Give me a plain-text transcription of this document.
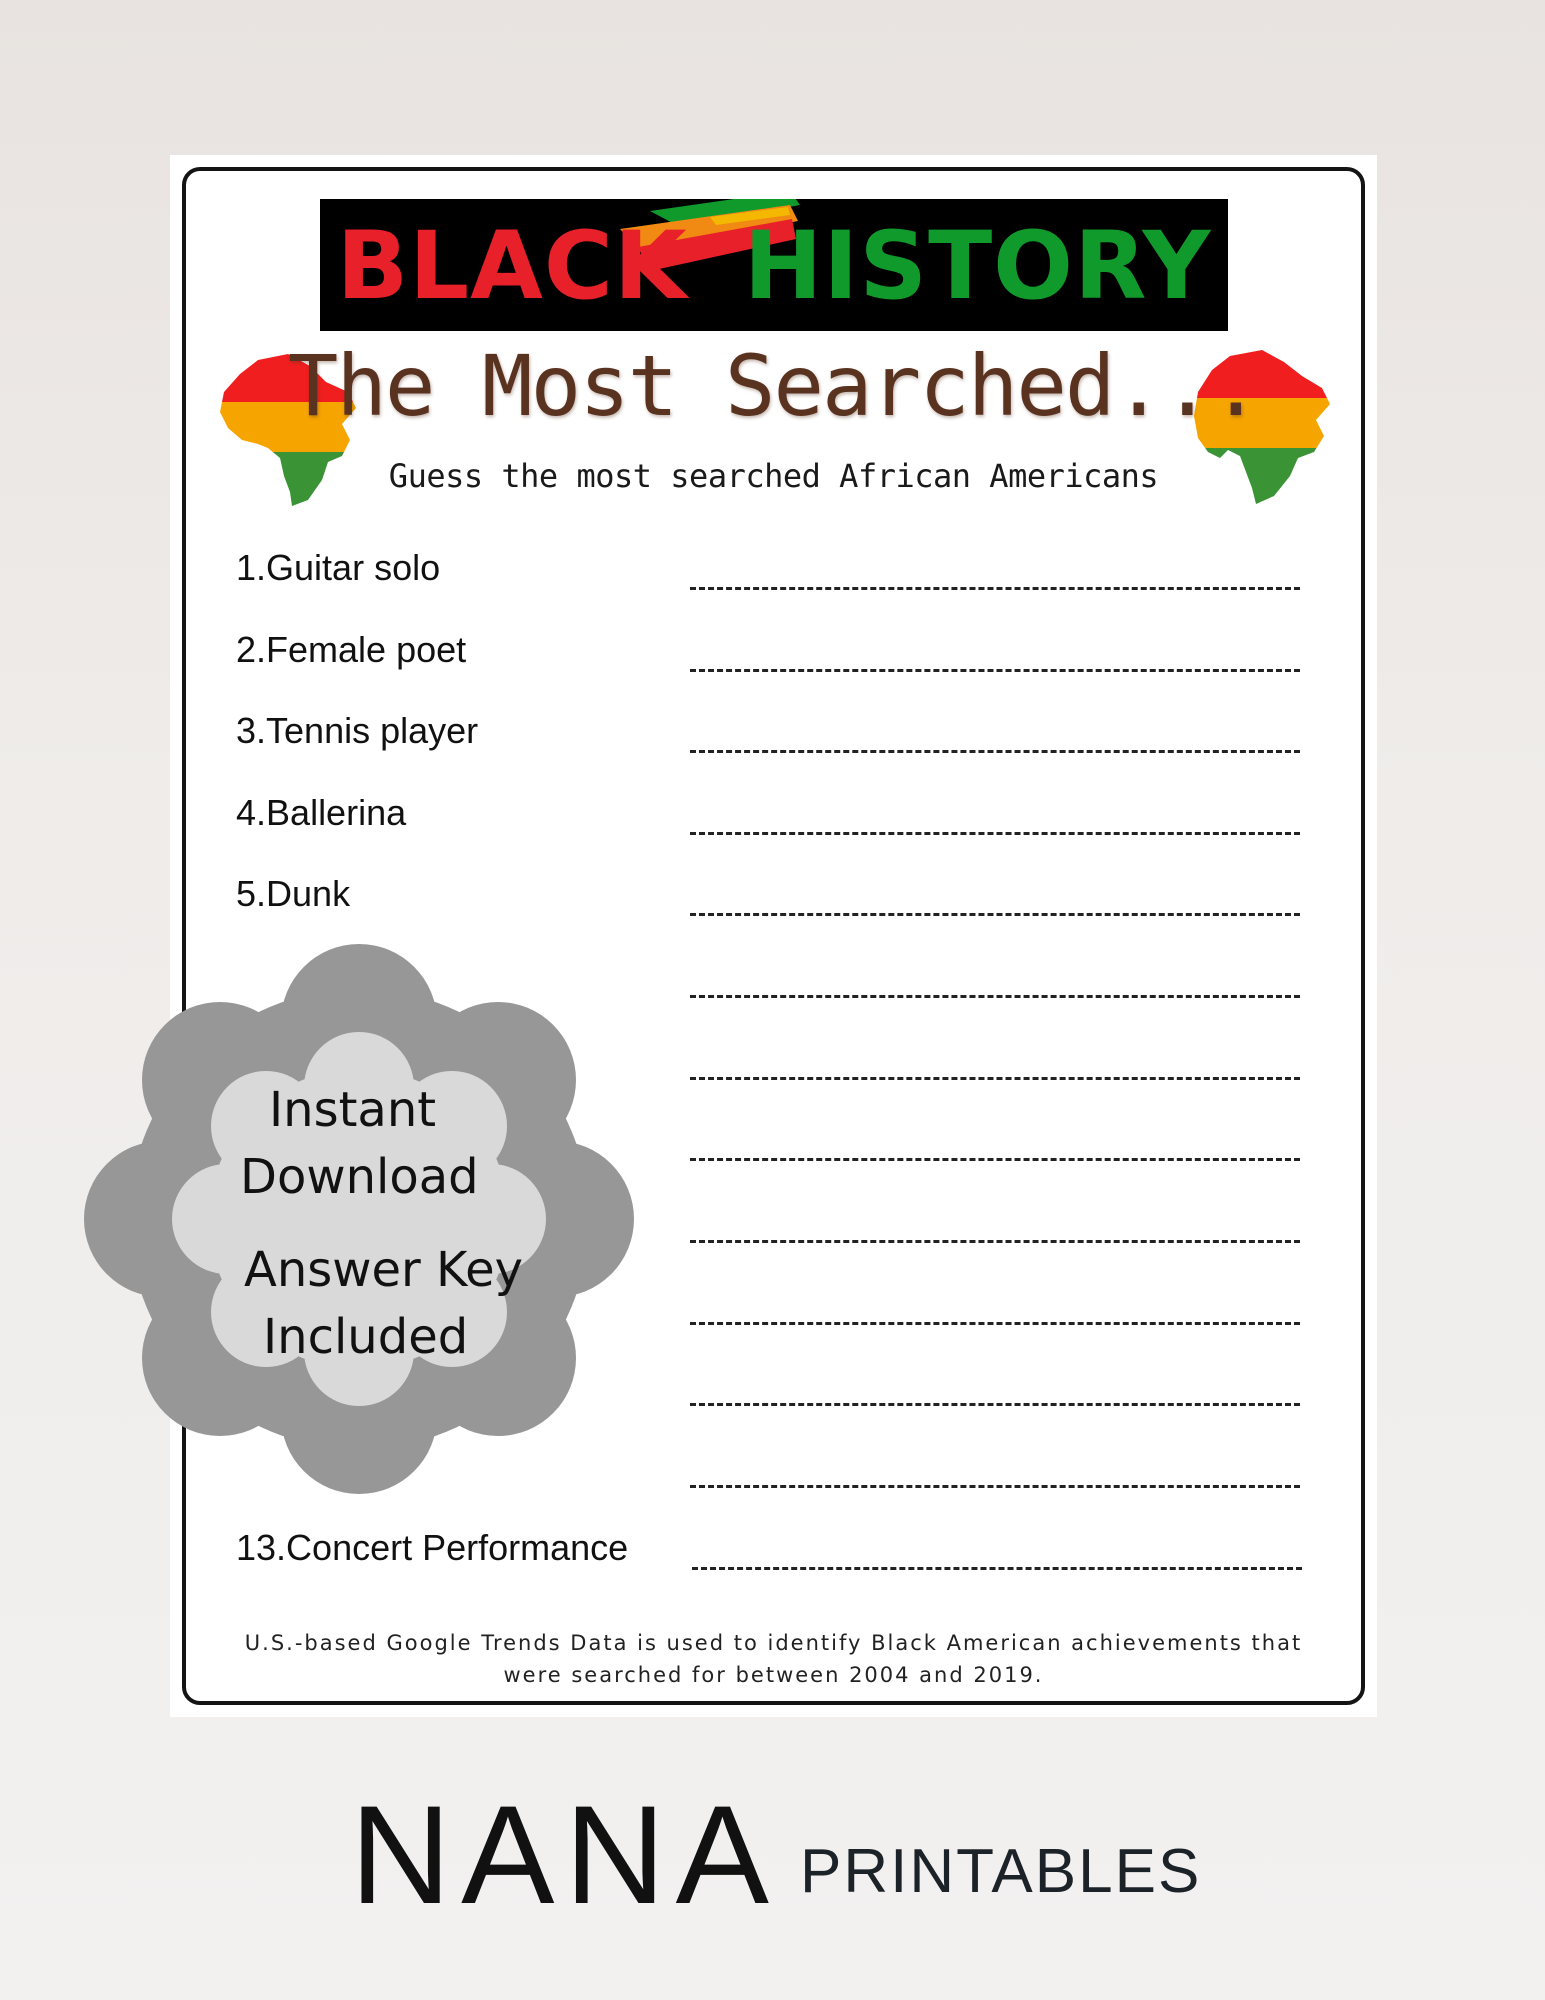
BLACK HISTORY
The Most Searched...
Guess the most searched African Americans
1.Guitar solo
2.Female poet
3.Tennis player
4.Ballerina
5.Dunk
13.Concert Performance
U.S.-based Google Trends Data is used to identify Black American achievements that
were searched for between 2004 and 2019.
Instant
Download
Answer Key
Included
NANA PRINTABLES
